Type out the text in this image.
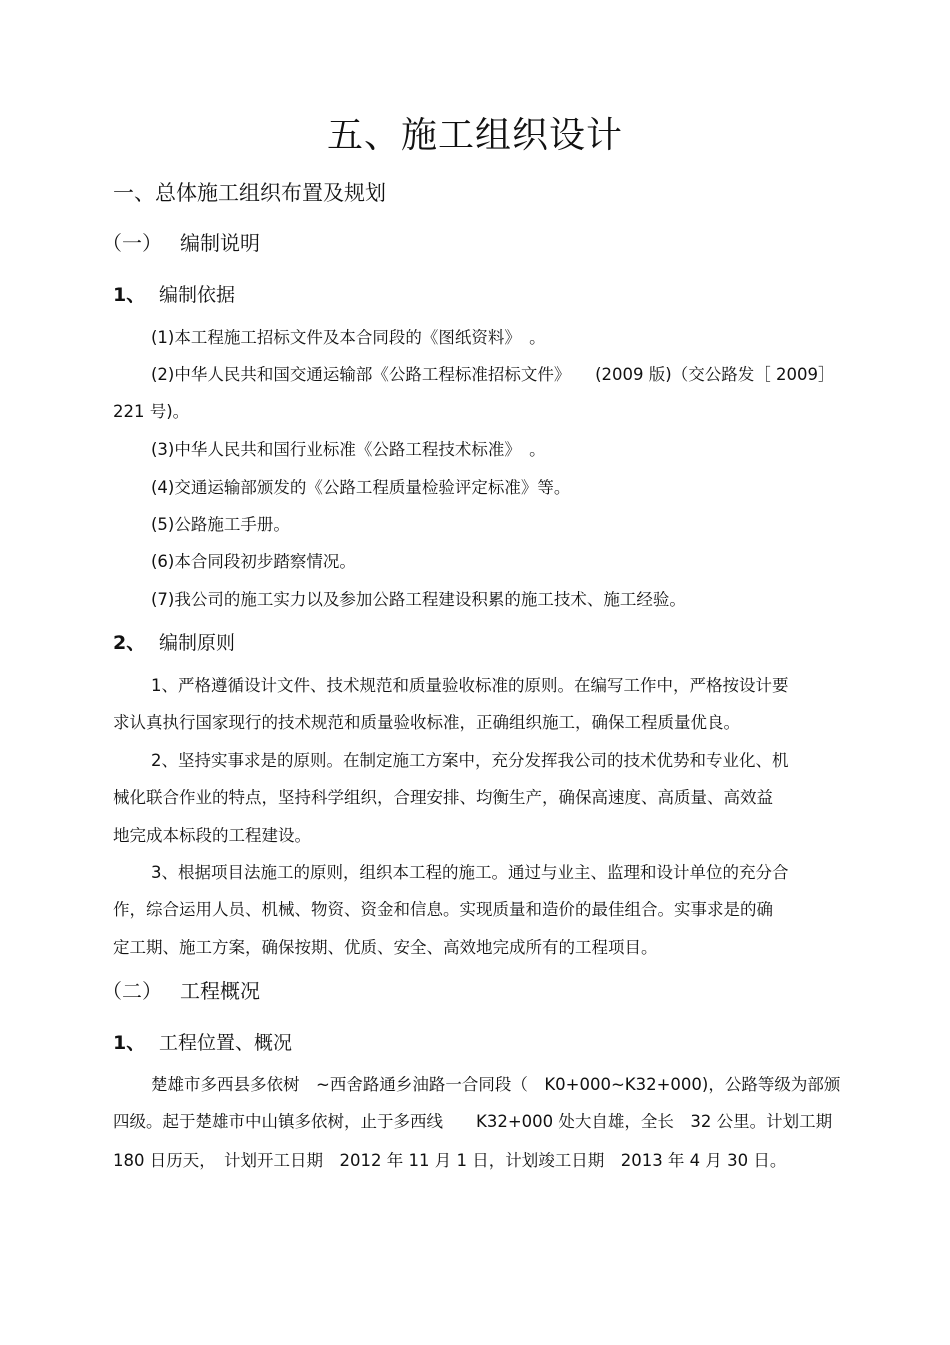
五、施工组织设计
一、总体施工组织布置及规划
（一） 编制说明
1、 编制依据
(1)本工程施工招标文件及本合同段的《图纸资料》　。
(2)中华人民共和国交通运输部《公路工程标准招标文件》　　(2009 版)（交公路发［ 2009］
221 号)。
(3)中华人民共和国行业标准《公路工程技术标准》　。
(4)交通运输部颁发的《公路工程质量检验评定标准》等。
(5)公路施工手册。
(6)本合同段初步踏察情况。
(7)我公司的施工实力以及参加公路工程建设积累的施工技术、施工经验。
2、 编制原则
1、严格遵循设计文件、技术规范和质量验收标准的原则。在编写工作中，严格按设计要
求认真执行国家现行的技术规范和质量验收标准，正确组织施工，确保工程质量优良。
2、坚持实事求是的原则。在制定施工方案中，充分发挥我公司的技术优势和专业化、机
械化联合作业的特点，坚持科学组织，合理安排、均衡生产，确保高速度、高质量、高效益
地完成本标段的工程建设。
3、根据项目法施工的原则，组织本工程的施工。通过与业主、监理和设计单位的充分合
作，综合运用人员、机械、物资、资金和信息。实现质量和造价的最佳组合。实事求是的确
定工期、施工方案，确保按期、优质、安全、高效地完成所有的工程项目。
（二） 工程概况
1、 工程位置、概况
楚雄市多西县多依树　~西舍路通乡油路一合同段（　K0+000~K32+000)，公路等级为部颁
四级。起于楚雄市中山镇多依树，止于多西线　　K32+000 处大自雄，全长　32 公里。计划工期
180 日历天，　计划开工日期　2012 年 11 月 1 日，计划竣工日期　2013 年 4 月 30 日。
